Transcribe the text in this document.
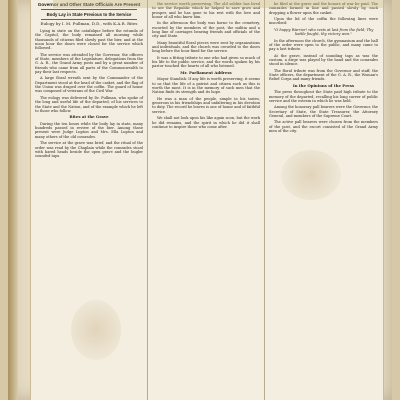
Governor and Other State Officials Are Present
Body Lay in State Previous to the Service
Eulogy by I. M. Pullman, D.D., with K.A.R. Rites

Lying in state on the catafalque before the rotunda of the Capitol, the body remained all morning while thousands of citizens filed slowly past the bier, and at the noon hour the doors were closed for the service which followed.

The service was attended by the Governor, the officers of State, members of the Legislature, delegations from the G. A. R., the Grand Army posts and by a great number of friends who came from all parts of the Commonwealth to pay their last respects.

A large floral wreath sent by the Commander of the Department stood at the head of the casket, and the flag of the Union was draped over the coffin. The guard of honor was composed of veterans of the Civil War.

The eulogy was delivered by Dr. Pullman, who spoke of the long and useful life of the departed, of his services to the State and the Nation, and of the example which he left to those who follow.

Rites at the Grave

During the ten hours while the body lay in state, many hundreds passed in review of the bier. Among those present were Judge Lupton and Mrs. Ella Lupton and many others of the old comrades.

The service at the grave was brief, and the ritual of the order was read by the Chaplain while the comrades stood with bared heads beside the open grave and the bugler sounded taps.

the service worth preserving. The old soldier has lived to see the Republic which he helped to save grow and prosper, and he has gone to his rest with the love and honor of all who knew him.

In the afternoon the body was borne to the cemetery, escorted by the members of the post, the militia and a long line of carriages bearing friends and officials of the city and State.

Many beautiful floral pieces were sent by organizations and individuals, and the church was crowded to the doors long before the hour fixed for the service.

It was a fitting tribute to one who had given so much of his life to the public service, and the words spoken by his pastor touched the hearts of all who listened.

Mr. Parliament Address

Mayor Standish: If any life is worth preserving, it seems to us that the life of a patriot and citizen such as this is worth the most. It is in the memory of such men that the Nation finds its strength and its hope.

He was a man of the people, simple in his tastes, generous in his friendships and unfaltering in his devotion to duty. The record he leaves is one of honor and of faithful service.

We shall not look upon his like again soon, but the work he did remains, and the spirit in which he did it shall continue to inspire those who come after.

be filed at the grave and the honors of war be paid. The comrades formed in line and passed slowly by, each dropping a flower upon the casket.

Upon the lid of the coffin the following lines were inscribed:

"O happy Warrior! who rests at last from the field; Thy battle fought, thy victory won."

In the afternoon the church, the gymnasium and the hall of the order were open to the public, and many came to pay a last tribute.

At the grave, instead of sounding taps as was the custom, a dirge was played by the band and the comrades stood in silence.

The floral tribute was from the Governor and staff, the State officers, the department of the G. A. R., the Woman's Relief Corps and many friends.

In the Opinions of the Press

The press throughout the State paid high tribute to the memory of the departed, recalling his long career of public service and the esteem in which he was held.

Among the honorary pall bearers were the Governor, the Secretary of State, the State Treasurer, the Attorney General, and members of the Supreme Court.

The active pall bearers were chosen from the members of the post, and the escort consisted of the Grand Army men of the city.
